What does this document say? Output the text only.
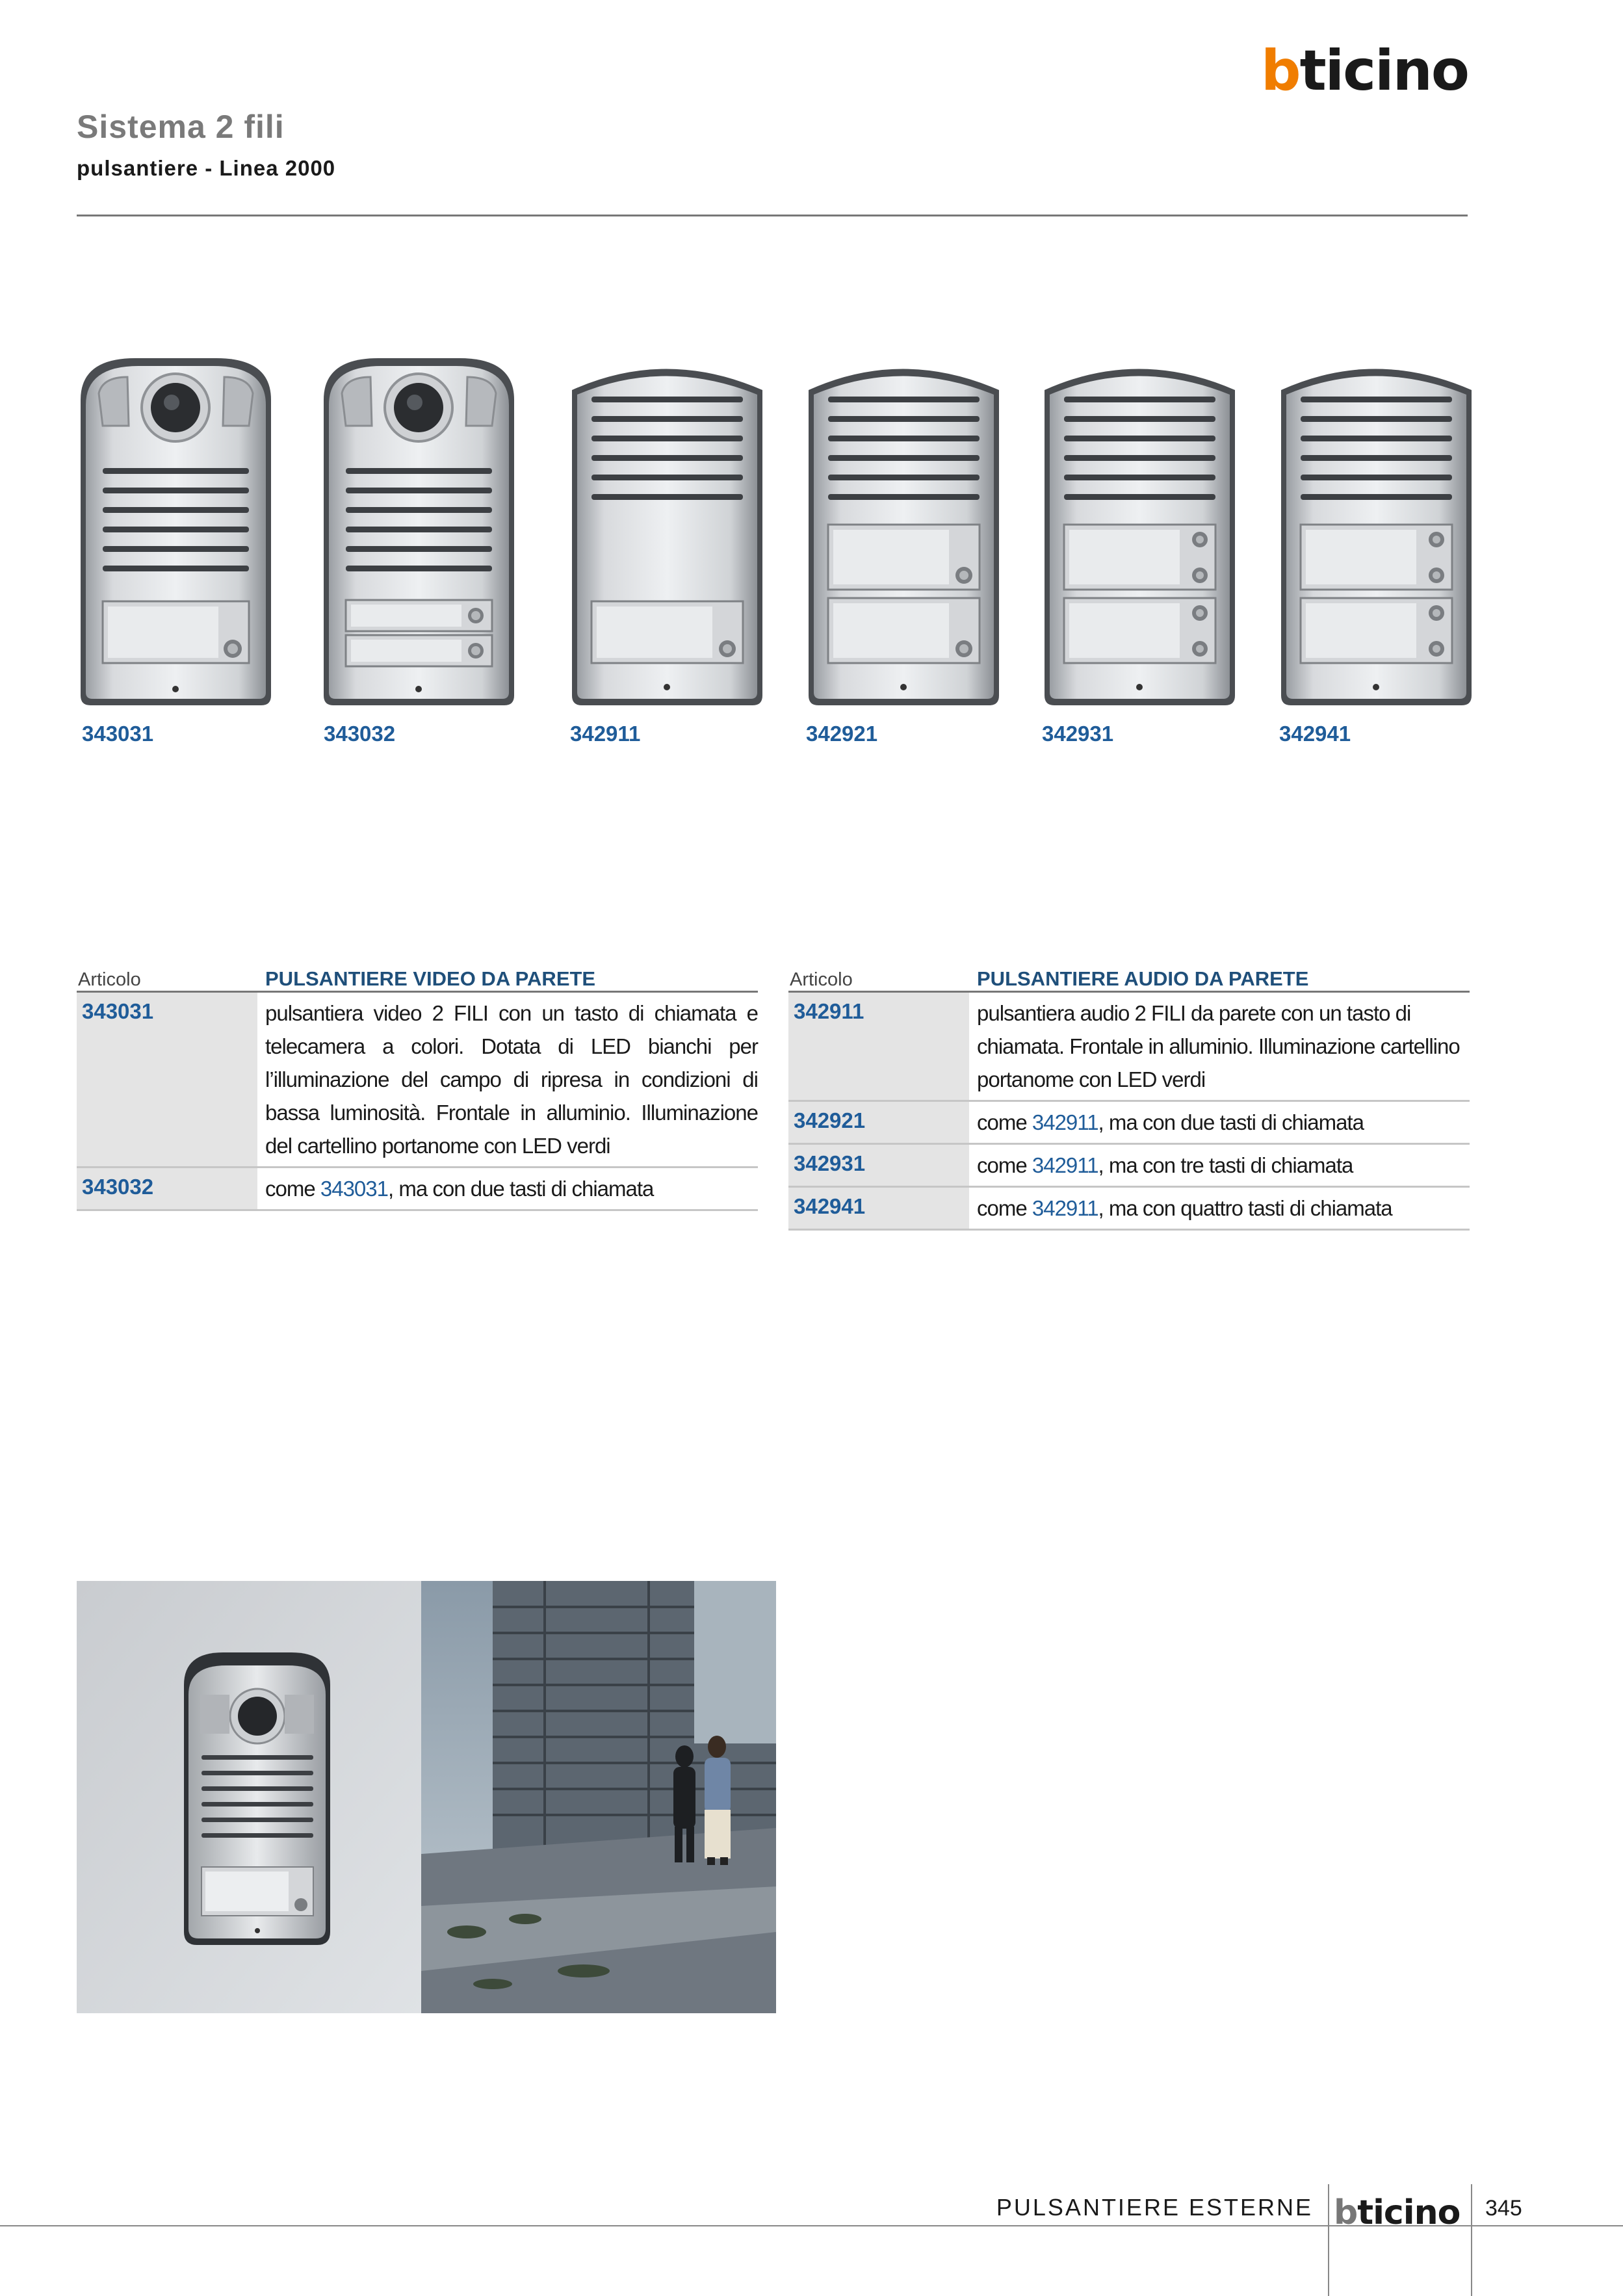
b ticino
Sistema 2 fili
pulsantiere - Linea 2000
343031	343032	342911	342921	342931	342941
Articolo	PULSANTIERE VIDEO DA PARETE
343031	pulsantiera video 2 FILI con un tasto di chiamata e telecamera a colori. Dotata di LED bianchi per l’illuminazione del campo di ripresa in condizioni di bassa luminosità. Frontale in alluminio. Illuminazione del cartellino portanome con LED verdi
343032	come 343031, ma con due tasti di chiamata
Articolo	PULSANTIERE AUDIO DA PARETE
342911	pulsantiera audio 2 FILI da parete con un tasto di chiamata. Frontale in alluminio. Illuminazione cartellino portanome con LED verdi
342921	come 342911, ma con due tasti di chiamata
342931	come 342911, ma con tre tasti di chiamata
342941	come 342911, ma con quattro tasti di chiamata
PULSANTIERE ESTERNE b ticino 345
